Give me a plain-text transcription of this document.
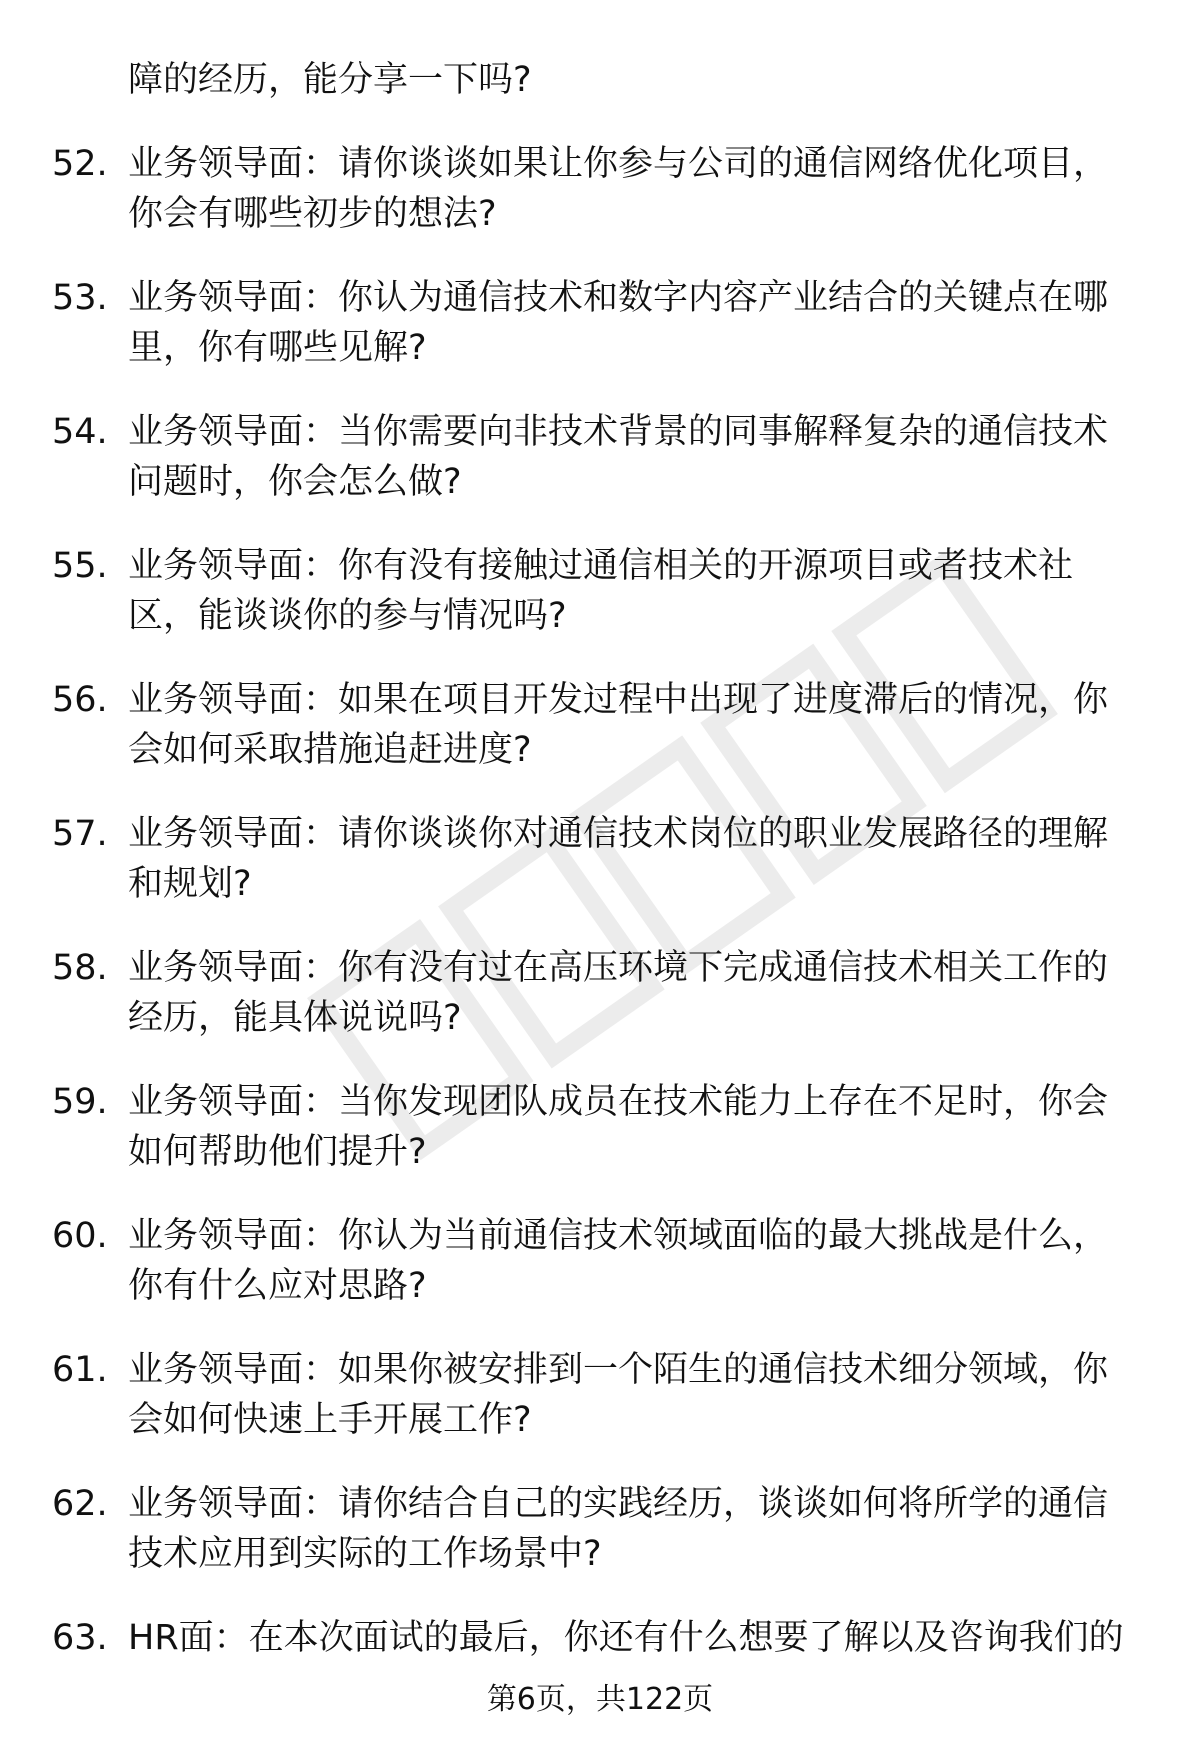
障的经历，能分享一下吗?
52. 业务领导面：请你谈谈如果让你参与公司的通信网络优化项目，你会有哪些初步的想法?
53. 业务领导面：你认为通信技术和数字内容产业结合的关键点在哪里，你有哪些见解?
54. 业务领导面：当你需要向非技术背景的同事解释复杂的通信技术问题时，你会怎么做?
55. 业务领导面：你有没有接触过通信相关的开源项目或者技术社区，能谈谈你的参与情况吗?
56. 业务领导面：如果在项目开发过程中出现了进度滞后的情况，你会如何采取措施追赶进度?
57. 业务领导面：请你谈谈你对通信技术岗位的职业发展路径的理解和规划?
58. 业务领导面：你有没有过在高压环境下完成通信技术相关工作的经历，能具体说说吗?
59. 业务领导面：当你发现团队成员在技术能力上存在不足时，你会如何帮助他们提升?
60. 业务领导面：你认为当前通信技术领域面临的最大挑战是什么，你有什么应对思路?
61. 业务领导面：如果你被安排到一个陌生的通信技术细分领域，你会如何快速上手开展工作?
62. 业务领导面：请你结合自己的实践经历，谈谈如何将所学的通信技术应用到实际的工作场景中?
63. HR面：在本次面试的最后，你还有什么想要了解以及咨询我们的
第6页，共122页
